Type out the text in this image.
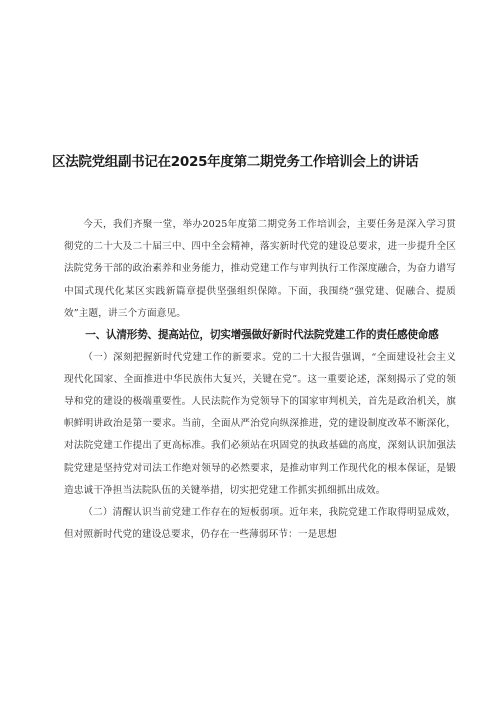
区法院党组副书记在2025年度第二期党务工作培训会上的讲话

今天，我们齐聚一堂，举办2025年度第二期党务工作培训会，主要任务是深入学习贯彻党的二十大及二十届三中、四中全会精神，落实新时代党的建设总要求，进一步提升全区法院党务干部的政治素养和业务能力，推动党建工作与审判执行工作深度融合，为奋力谱写中国式现代化某区实践新篇章提供坚强组织保障。下面，我围绕“强党建、促融合、提质效”主题，讲三个方面意见。

一、认清形势、提高站位，切实增强做好新时代法院党建工作的责任感使命感

（一）深刻把握新时代党建工作的新要求。党的二十大报告强调，“全面建设社会主义现代化国家、全面推进中华民族伟大复兴，关键在党”。这一重要论述，深刻揭示了党的领导和党的建设的极端重要性。人民法院作为党领导下的国家审判机关，首先是政治机关，旗帜鲜明讲政治是第一要求。当前，全面从严治党向纵深推进，党的建设制度改革不断深化，对法院党建工作提出了更高标准。我们必须站在巩固党的执政基础的高度，深刻认识加强法院党建是坚持党对司法工作绝对领导的必然要求，是推动审判工作现代化的根本保证，是锻造忠诚干净担当法院队伍的关键举措，切实把党建工作抓实抓细抓出成效。

（二）清醒认识当前党建工作存在的短板弱项。近年来，我院党建工作取得明显成效，但对照新时代党的建设总要求，仍存在一些薄弱环节：一是思想
